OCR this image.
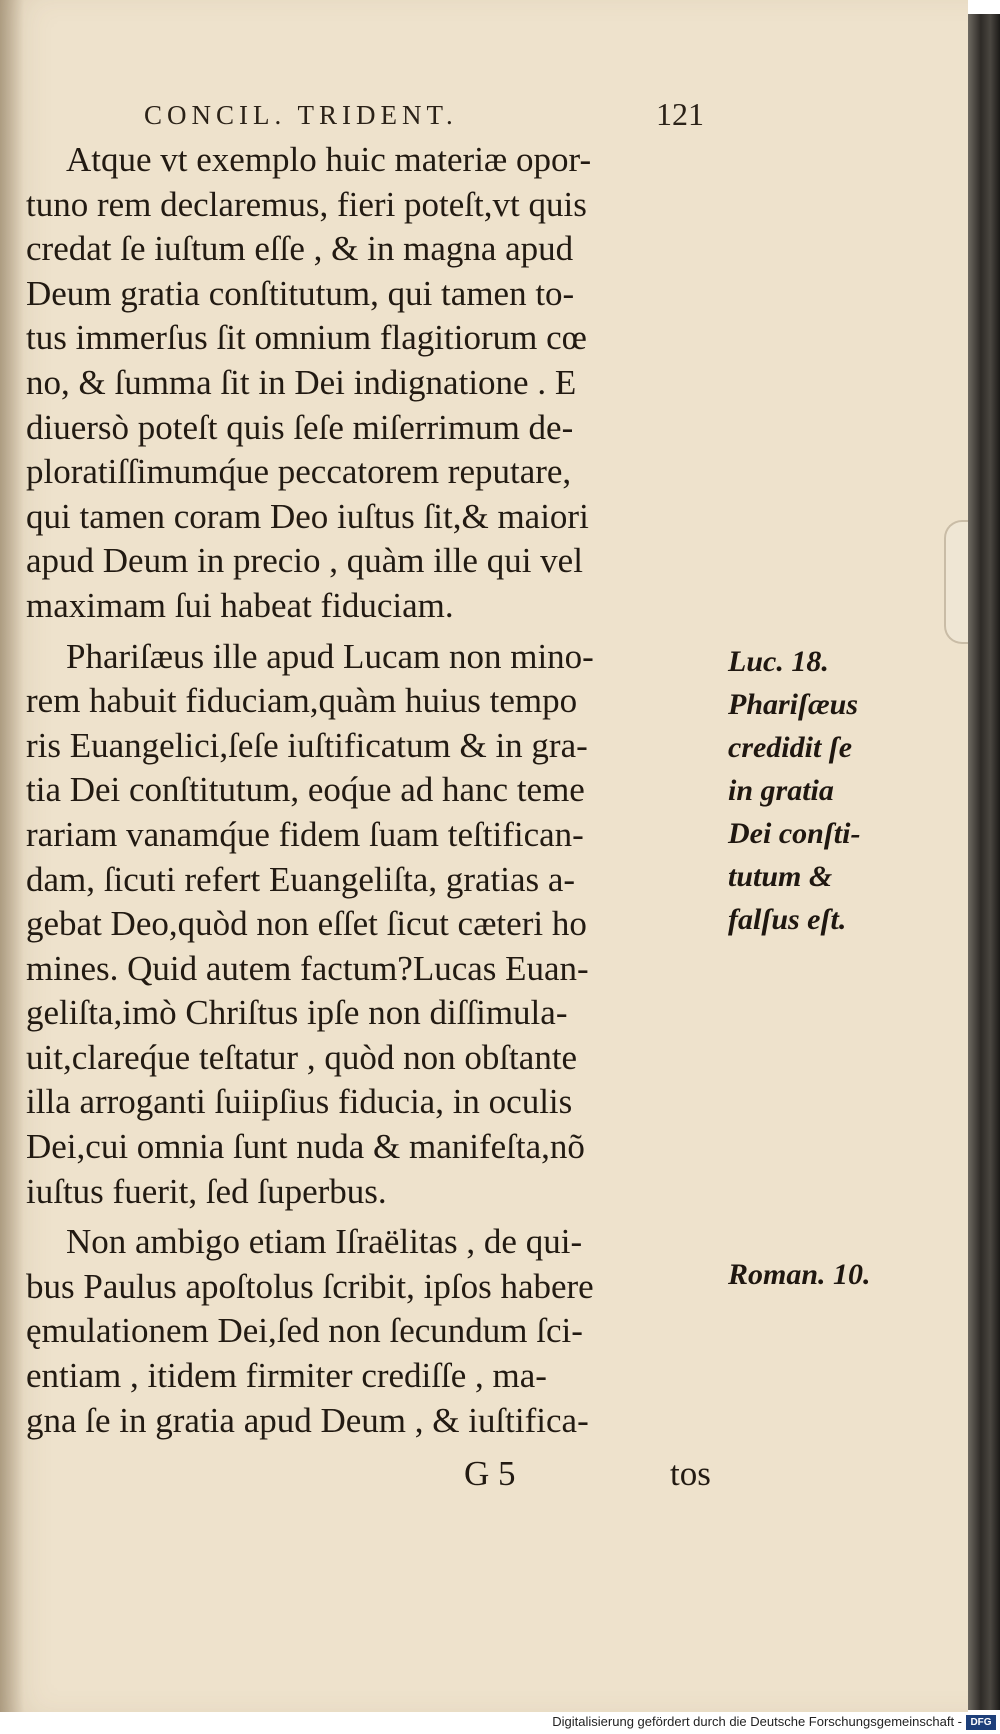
CONCIL. TRIDENT.	121
Atque vt exemplo huic materiæ opor-
tuno rem declaremus, fieri poteſt,vt quis
credat ſe iuſtum eſſe , & in magna apud
Deum gratia conſtitutum, qui tamen to-
tus immerſus ſit omnium flagitiorum cœ
no, & ſumma ſit in Dei indignatione . E
diuersò poteſt quis ſeſe miſerrimum de-
ploratiſſimumq́ue peccatorem reputare,
qui tamen coram Deo iuſtus ſit,& maiori
apud Deum in precio , quàm ille qui vel
maximam ſui habeat fiduciam.
Phariſæus ille apud Lucam non mino-
rem habuit fiduciam,quàm huius tempo
ris Euangelici,ſeſe iuſtificatum & in gra-
tia Dei conſtitutum, eoq́ue ad hanc teme
rariam vanamq́ue fidem ſuam teſtifican-
dam, ſicuti refert Euangeliſta, gratias a-
gebat Deo,quòd non eſſet ſicut cæteri ho
mines. Quid autem factum?Lucas Euan-
geliſta,imò Chriſtus ipſe non diſſimula-
uit,clareq́ue teſtatur , quòd non obſtante
illa arroganti ſuiipſius fiducia, in oculis
Dei,cui omnia ſunt nuda & manifeſta,nõ
iuſtus fuerit, ſed ſuperbus.
Non ambigo etiam Iſraëlitas , de qui-
bus Paulus apoſtolus ſcribit, ipſos habere
ęmulationem Dei,ſed non ſecundum ſci-
entiam , itidem firmiter crediſſe , ma-
gna ſe in gratia apud Deum , & iuſtifica-
Luc. 18.
Phariſæus
credidit ſe
in gratia
Dei conſti-
tutum &
falſus eſt.
Roman. 10.
G 5	tos
Digitalisierung gefördert durch die Deutsche Forschungsgemeinschaft - DFG
